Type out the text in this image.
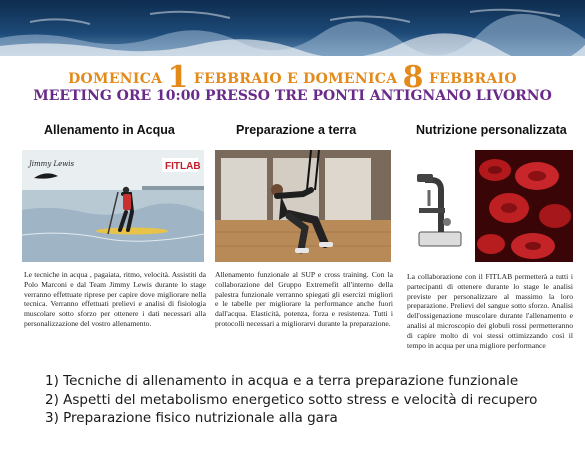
DOMENICA 1 FEBBRAIO E DOMENICA 8 FEBBRAIO
MEETING ORE 10:00 PRESSO TRE PONTI ANTIGNANO LIVORNO
Allenamento in Acqua	Preparazione a terra	Nutrizione personalizzata
Jimmy Lewis	FITLAB
Le tecniche in acqua , pagaiata, ritmo, velocità. Assistiti da Polo Marconi e dal Team Jimmy Lewis durante lo stage verranno effettuate riprese per capire dove migliorare nella tecnica. Verranno effettuati prelievi e analisi di fisiologia muscolare sotto sforzo per ottenere i dati necessari alla personalizzazione del vostro allenamento.
Allenamento funzionale al SUP e cross training. Con la collaborazione del Gruppo Extremefit all'interno della palestra funzionale verranno spiegati gli esercizi migliori e le tabelle per migliorare la performance anche fuori dall'acqua. Elasticità, potenza, forza e resistenza. Tutti i protocolli necessari a migliorarvi durante la preparazione.
La collaborazione con il FITLAB permetterà a tutti i partecipanti di ottenere durante lo stage le analisi previste per personalizzare al massimo la loro preparazione. Prelievi del sangue sotto sforzo. Analisi dell'ossigenazione muscolare durante l'allenamento e analisi al microscopio dei globuli rossi permetteranno di capire molto di voi stessi ottimizzando così il tempo in acqua per una migliore performance
1) Tecniche di allenamento in acqua e a terra preparazione funzionale
2) Aspetti del metabolismo energetico sotto stress e velocità di recupero
3) Preparazione fisico nutrizionale alla gara
